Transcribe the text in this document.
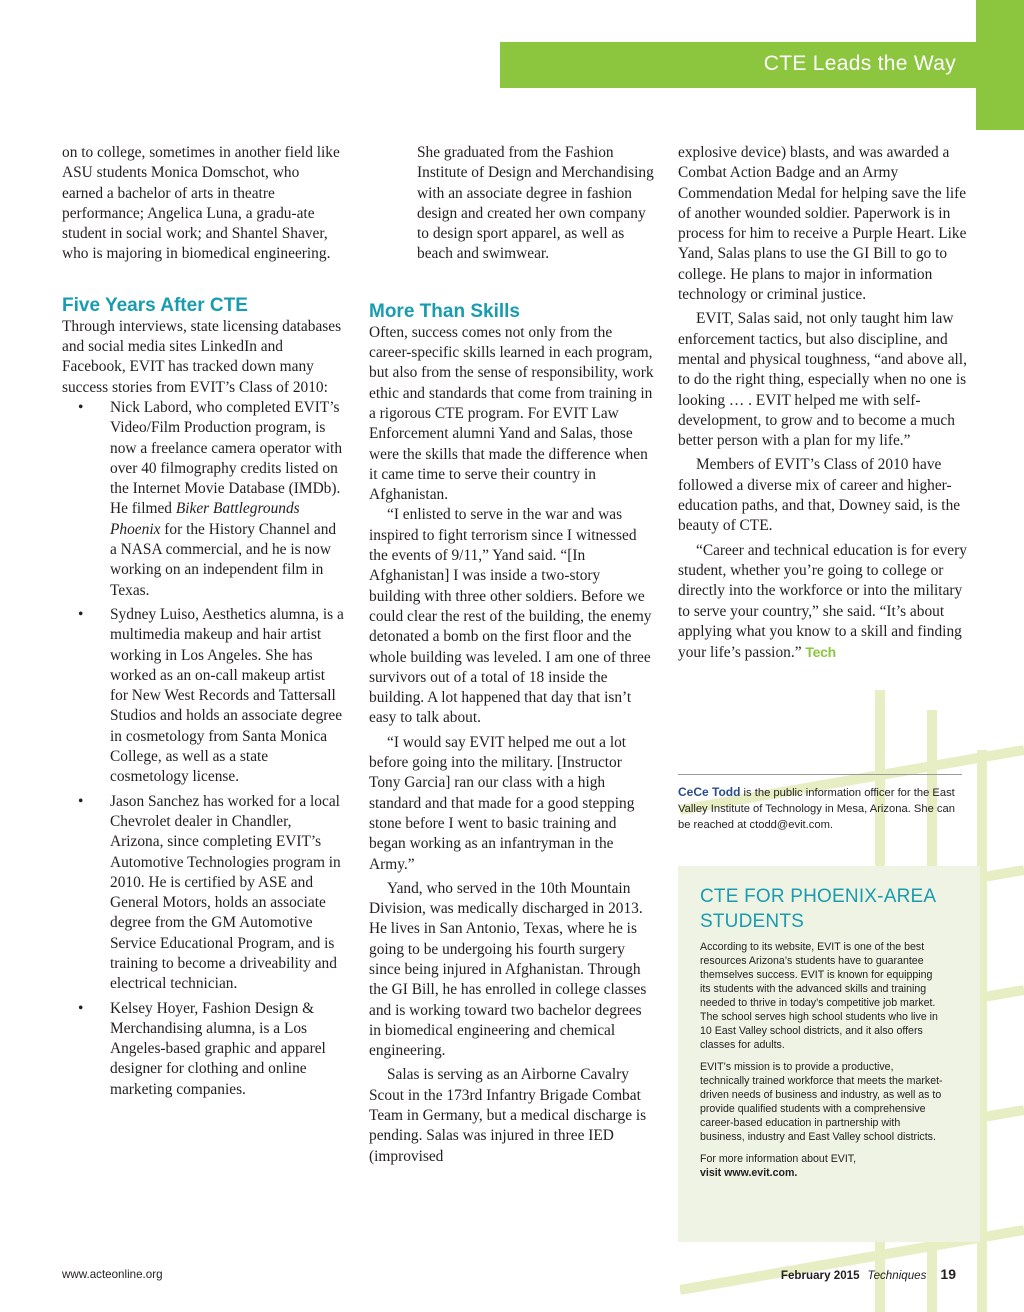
CTE Leads the Way

on to college, sometimes in another field like ASU students Monica Domschot, who earned a bachelor of arts in theatre performance; Angelica Luna, a gradu-ate student in social work; and Shantel Shaver, who is majoring in biomedical engineering.

Five Years After CTE

Through interviews, state licensing databases and social media sites LinkedIn and Facebook, EVIT has tracked down many success stories from EVIT’s Class of 2010:

• Nick Labord, who completed EVIT’s Video/Film Production program, is now a freelance camera operator with over 40 filmography credits listed on the Internet Movie Database (IMDb). He filmed Biker Battlegrounds Phoenix for the History Channel and a NASA commercial, and he is now working on an independent film in Texas.
• Sydney Luiso, Aesthetics alumna, is a multimedia makeup and hair artist working in Los Angeles. She has worked as an on-call makeup artist for New West Records and Tattersall Studios and holds an associate degree in cosmetology from Santa Monica College, as well as a state cosmetology license.
• Jason Sanchez has worked for a local Chevrolet dealer in Chandler, Arizona, since completing EVIT’s Automotive Technologies program in 2010. He is certified by ASE and General Motors, holds an associate degree from the GM Automotive Service Educational Program, and is training to become a driveability and electrical technician.
• Kelsey Hoyer, Fashion Design & Merchandising alumna, is a Los Angeles-based graphic and apparel designer for clothing and online marketing companies.

She graduated from the Fashion Institute of Design and Merchandising with an associate degree in fashion design and created her own company to design sport apparel, as well as beach and swimwear.

More Than Skills

Often, success comes not only from the career-specific skills learned in each program, but also from the sense of responsibility, work ethic and standards that come from training in a rigorous CTE program. For EVIT Law Enforcement alumni Yand and Salas, those were the skills that made the difference when it came time to serve their country in Afghanistan.

“I enlisted to serve in the war and was inspired to fight terrorism since I witnessed the events of 9/11,” Yand said. “[In Afghanistan] I was inside a two-story building with three other soldiers. Before we could clear the rest of the building, the enemy detonated a bomb on the first floor and the whole building was leveled. I am one of three survivors out of a total of 18 inside the building. A lot happened that day that isn’t easy to talk about.

“I would say EVIT helped me out a lot before going into the military. [Instructor Tony Garcia] ran our class with a high standard and that made for a good stepping stone before I went to basic training and began working as an infantryman in the Army.”

Yand, who served in the 10th Mountain Division, was medically discharged in 2013. He lives in San Antonio, Texas, where he is going to be undergoing his fourth surgery since being injured in Afghanistan. Through the GI Bill, he has enrolled in college classes and is working toward two bachelor degrees in biomedical engineering and chemical engineering.

Salas is serving as an Airborne Cavalry Scout in the 173rd Infantry Brigade Combat Team in Germany, but a medical discharge is pending. Salas was injured in three IED (improvised

explosive device) blasts, and was awarded a Combat Action Badge and an Army Commendation Medal for helping save the life of another wounded soldier. Paperwork is in process for him to receive a Purple Heart. Like Yand, Salas plans to use the GI Bill to go to college. He plans to major in information technology or criminal justice.

EVIT, Salas said, not only taught him law enforcement tactics, but also discipline, and mental and physical toughness, “and above all, to do the right thing, especially when no one is looking … . EVIT helped me with self-development, to grow and to become a much better person with a plan for my life.”

Members of EVIT’s Class of 2010 have followed a diverse mix of career and higher-education paths, and that, Downey said, is the beauty of CTE.

“Career and technical education is for every student, whether you’re going to college or directly into the workforce or into the military to serve your country,” she said. “It’s about applying what you know to a skill and finding your life’s passion.” Tech

CeCe Todd is the public information officer for the East Valley Institute of Technology in Mesa, Arizona. She can be reached at ctodd@evit.com.
CTE FOR PHOENIX-AREA STUDENTS

According to its website, EVIT is one of the best resources Arizona’s students have to guarantee themselves success. EVIT is known for equipping its students with the advanced skills and training needed to thrive in today’s competitive job market. The school serves high school students who live in 10 East Valley school districts, and it also offers classes for adults.

EVIT’s mission is to provide a productive, technically trained workforce that meets the market-driven needs of business and industry, as well as to provide qualified students with a comprehensive career-based education in partnership with business, industry and East Valley school districts.

For more information about EVIT,
visit www.evit.com.

www.acteonline.org	February 2015 Techniques 19
